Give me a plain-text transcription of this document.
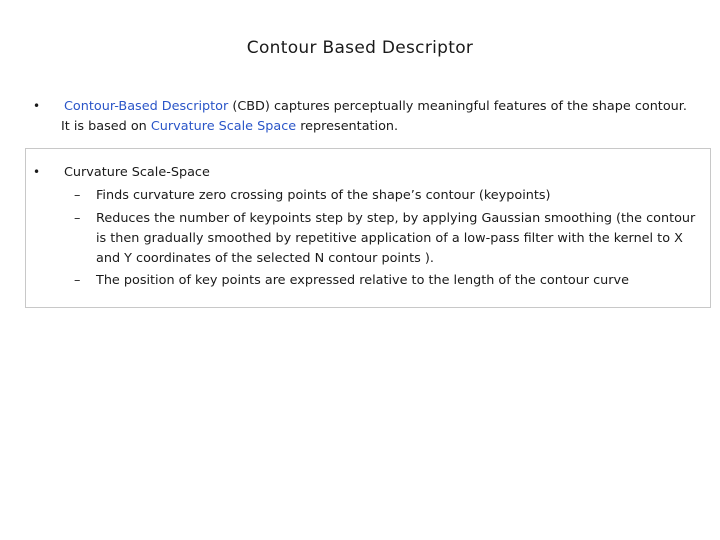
Contour Based Descriptor
• Contour-Based Descriptor (CBD) captures perceptually meaningful features of the shape contour.
It is based on Curvature Scale Space representation.
• Curvature Scale-Space
– Finds curvature zero crossing points of the shape’s contour (keypoints)
– Reduces the number of keypoints step by step, by applying Gaussian smoothing (the contour
is then gradually smoothed by repetitive application of a low-pass filter with the kernel to X
and Y coordinates of the selected N contour points ).
– The position of key points are expressed relative to the length of the contour curve
